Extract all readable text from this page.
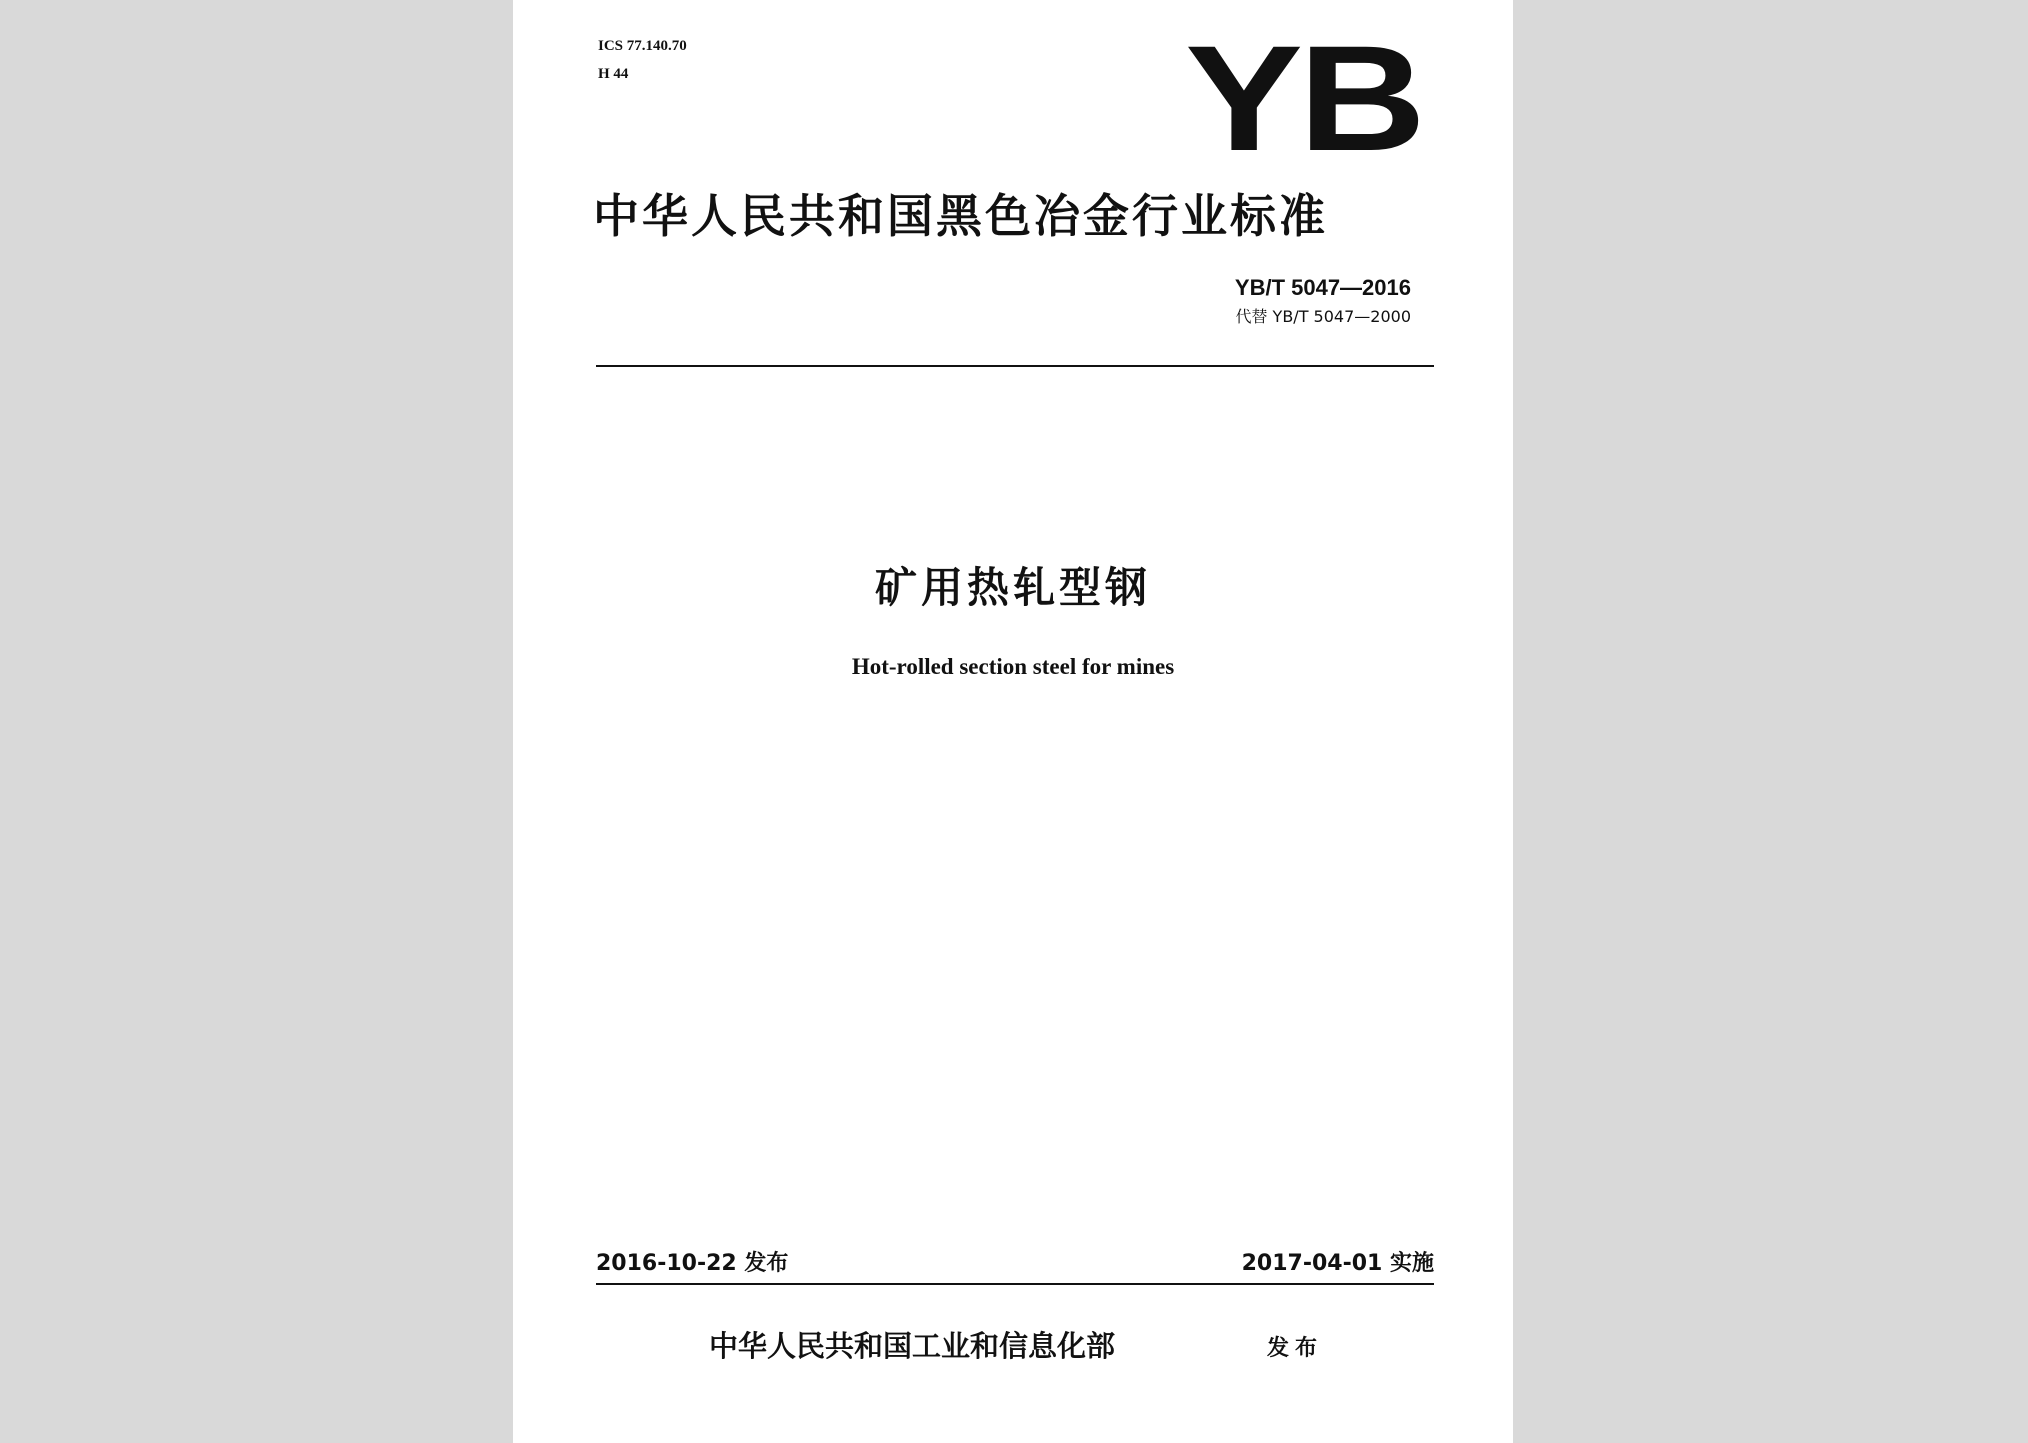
ICS 77.140.70
H 44	YB
中华人民共和国黑色冶金行业标准
YB/T 5047—2016
代替 YB/T 5047—2000
矿用热轧型钢
Hot-rolled section steel for mines
2016-10-22 发布	2017-04-01 实施
中华人民共和国工业和信息化部	发布
